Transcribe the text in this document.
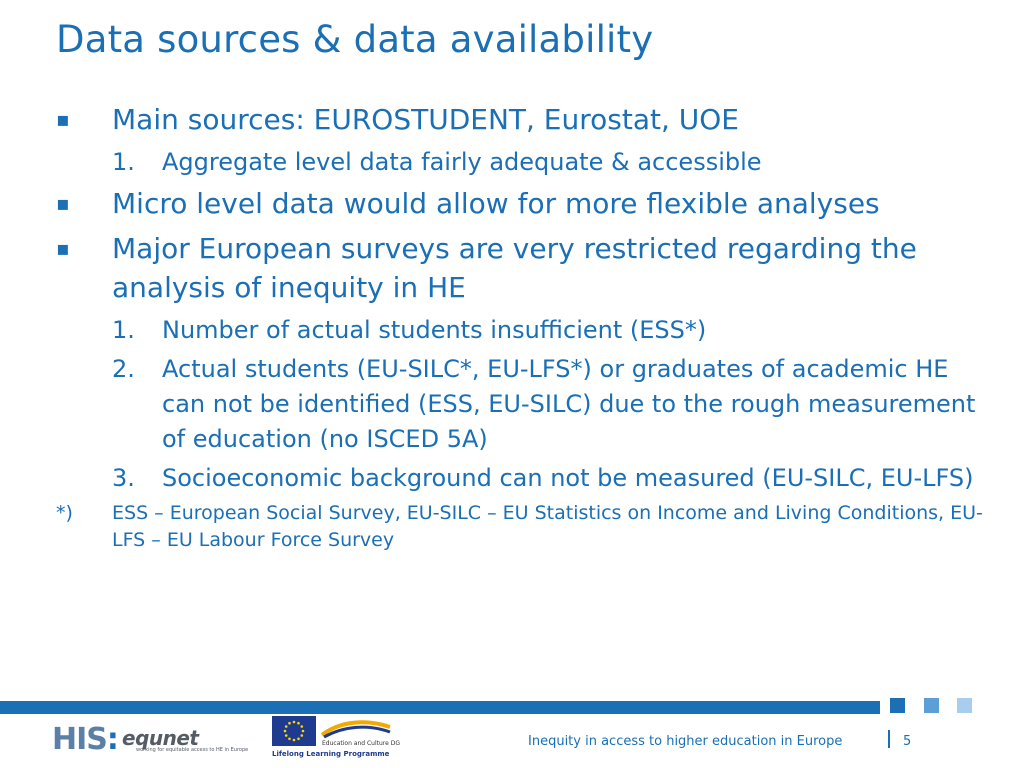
Data sources & data availability
▪ Main sources: EUROSTUDENT, Eurostat, UOE
1. Aggregate level data fairly adequate & accessible
▪ Micro level data would allow for more flexible analyses
▪ Major European surveys are very restricted regarding the analysis of inequity in HE
1. Number of actual students insufficient (ESS*)
2. Actual students (EU-SILC*, EU-LFS*) or graduates of academic HE can not be identified (ESS, EU-SILC) due to the rough measurement of education (no ISCED 5A)
3. Socioeconomic background can not be measured (EU-SILC, EU-LFS)
*) ESS – European Social Survey, EU-SILC – EU Statistics on Income and Living Conditions, EU-LFS – EU Labour Force Survey
HIS: equnet
working for equitable access to HE in Europe
Education and Culture DG
Lifelong Learning Programme
Inequity in access to higher education in Europe	5
